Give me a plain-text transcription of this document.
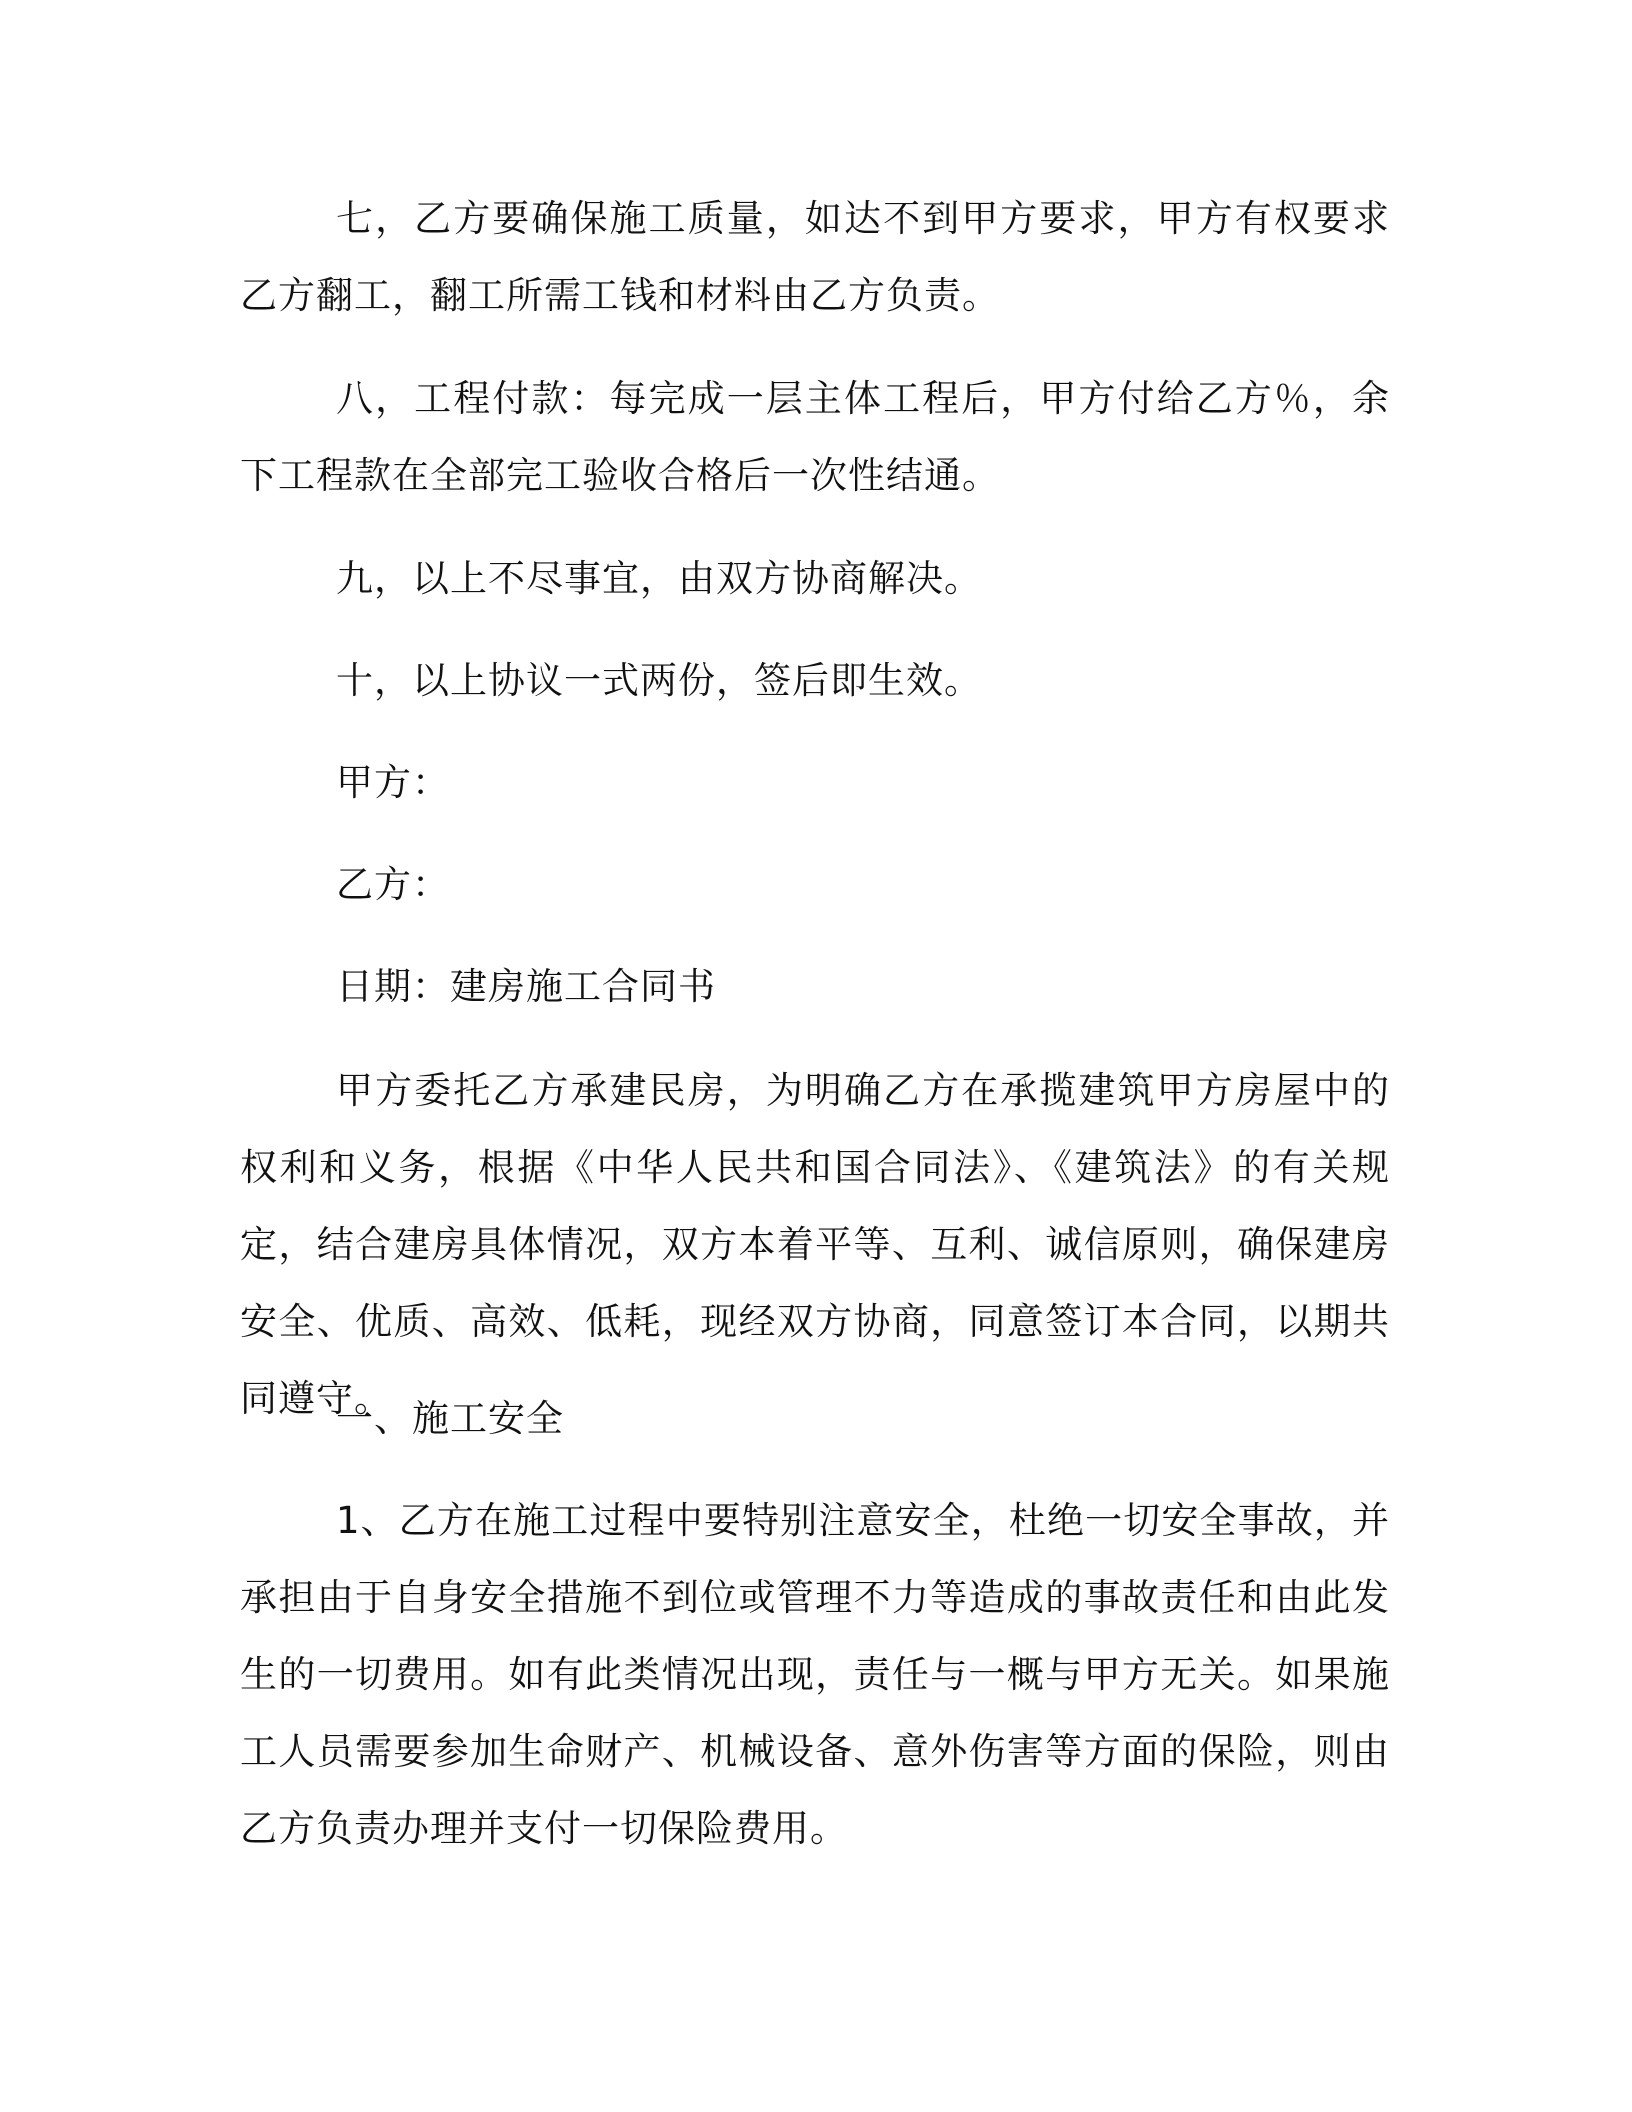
七，乙方要确保施工质量，如达不到甲方要求，甲方有权要求乙方翻工，翻工所需工钱和材料由乙方负责。

八，工程付款：每完成一层主体工程后，甲方付给乙方％，余下工程款在全部完工验收合格后一次性结通。

九，以上不尽事宜，由双方协商解决。

十，以上协议一式两份，签后即生效。

甲方：

乙方：

日期：建房施工合同书

甲方委托乙方承建民房，为明确乙方在承揽建筑甲方房屋中的权利和义务，根据《中华人民共和国合同法》、《建筑法》的有关规定，结合建房具体情况，双方本着平等、互利、诚信原则，确保建房安全、优质、高效、低耗，现经双方协商，同意签订本合同，以期共同遵守。

一、施工安全

1、乙方在施工过程中要特别注意安全，杜绝一切安全事故，并承担由于自身安全措施不到位或管理不力等造成的事故责任和由此发生的一切费用。如有此类情况出现，责任与一概与甲方无关。如果施工人员需要参加生命财产、机械设备、意外伤害等方面的保险，则由乙方负责办理并支付一切保险费用。
